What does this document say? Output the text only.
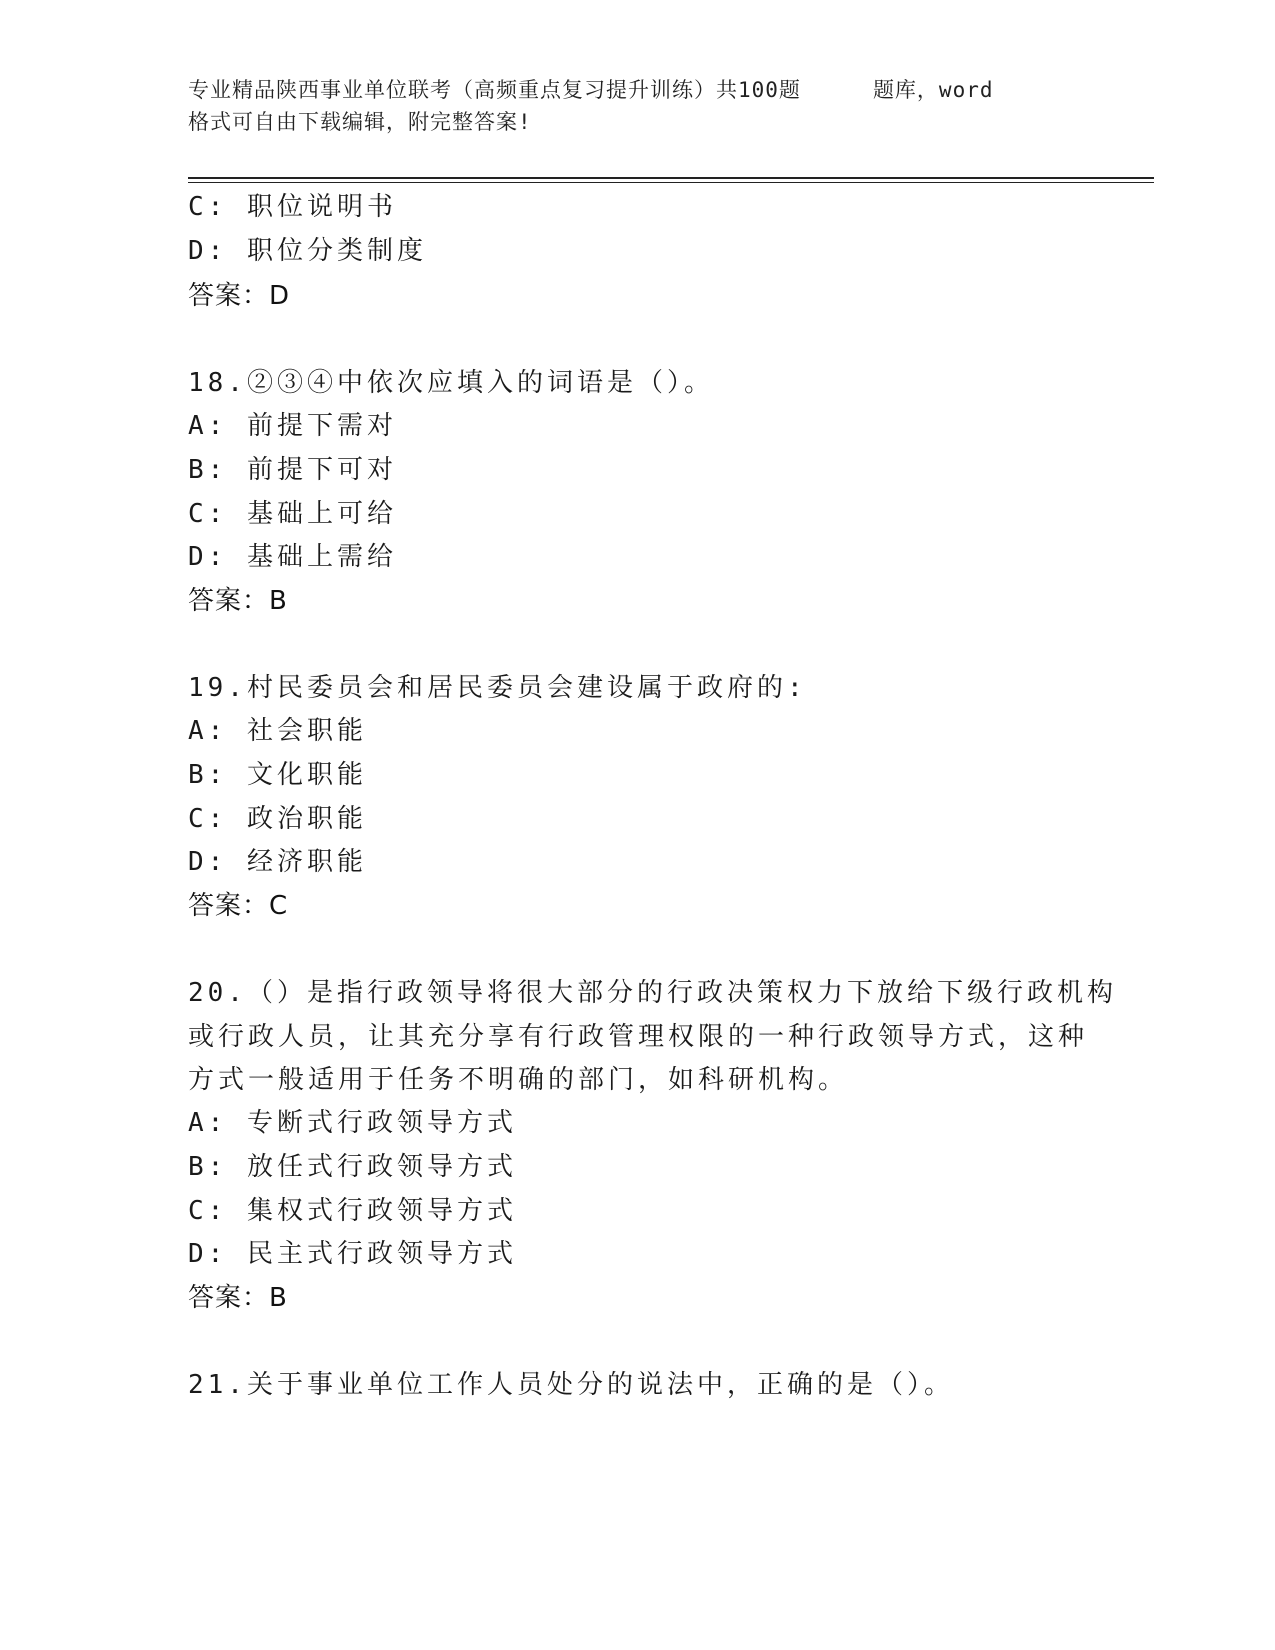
专业精品陕西事业单位联考（高频重点复习提升训练）共100题	题库，word
格式可自由下载编辑，附完整答案!
C: 职位说明书
D: 职位分类制度
答案：D
18.②③④中依次应填入的词语是（）。
A: 前提下需对
B: 前提下可对
C: 基础上可给
D: 基础上需给
答案：B
19.村民委员会和居民委员会建设属于政府的:
A: 社会职能
B: 文化职能
C: 政治职能
D: 经济职能
答案：C
20.（）是指行政领导将很大部分的行政决策权力下放给下级行政机构
或行政人员，让其充分享有行政管理权限的一种行政领导方式，这种
方式一般适用于任务不明确的部门，如科研机构。
A: 专断式行政领导方式
B: 放任式行政领导方式
C: 集权式行政领导方式
D: 民主式行政领导方式
答案：B
21.关于事业单位工作人员处分的说法中，正确的是（）。
